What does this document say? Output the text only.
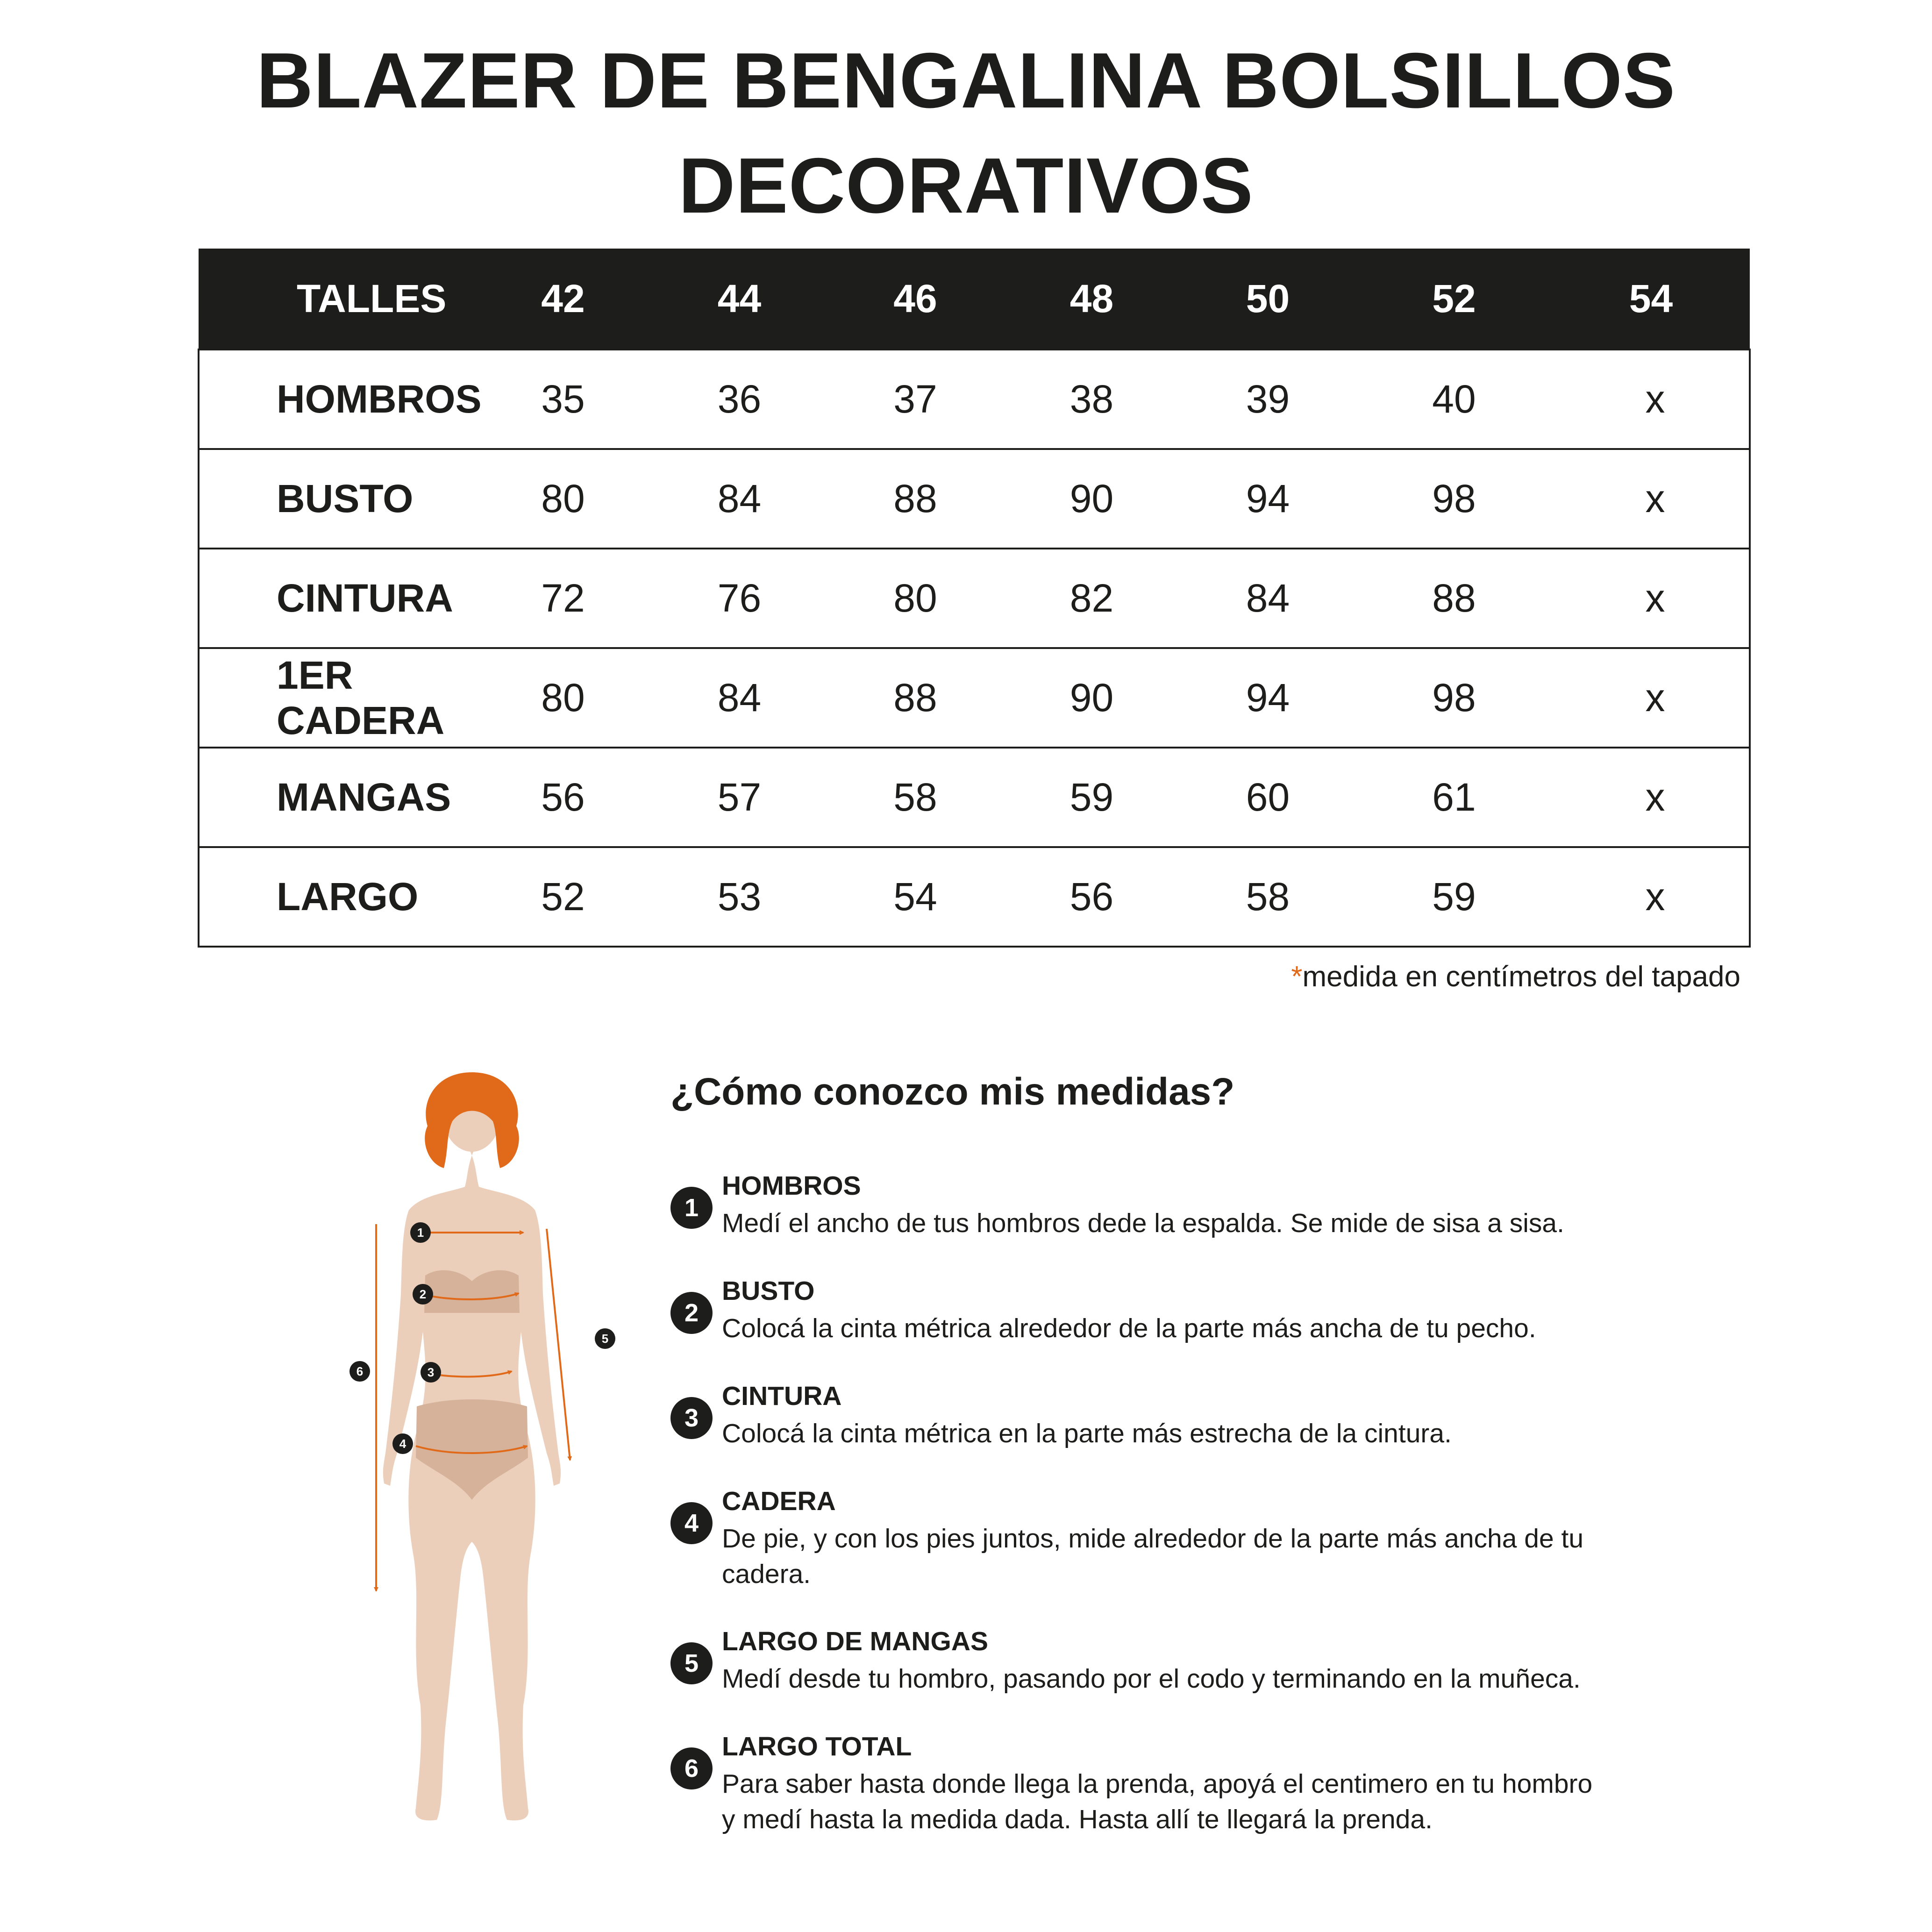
BLAZER DE BENGALINA BOLSILLOS
DECORATIVOS
TALLES	42	44	46	48	50	52	54
HOMBROS	35	36	37	38	39	40	x
BUSTO	80	84	88	90	94	98	x
CINTURA	72	76	80	82	84	88	x
1ER CADERA	80	84	88	90	94	98	x
MANGAS	56	57	58	59	60	61	x
LARGO	52	53	54	56	58	59	x
*medida en centímetros del tapado
1
2
3
4
5
6
¿Cómo conozco mis medidas?
1
HOMBROS
Medí el ancho de tus hombros dede la espalda. Se mide de sisa a sisa.
2
BUSTO
Colocá la cinta métrica alrededor de la parte más ancha de tu pecho.
3
CINTURA
Colocá la cinta métrica en la parte más estrecha de la cintura.
4
CADERA
De pie, y con los pies juntos, mide alrededor de la parte más ancha de tu cadera.
5
LARGO DE MANGAS
Medí desde tu hombro, pasando por el codo y terminando en la muñeca.
6
LARGO TOTAL
Para saber hasta donde llega la prenda, apoyá el centimero en tu hombro y medí hasta la medida dada. Hasta allí te llegará la prenda.
